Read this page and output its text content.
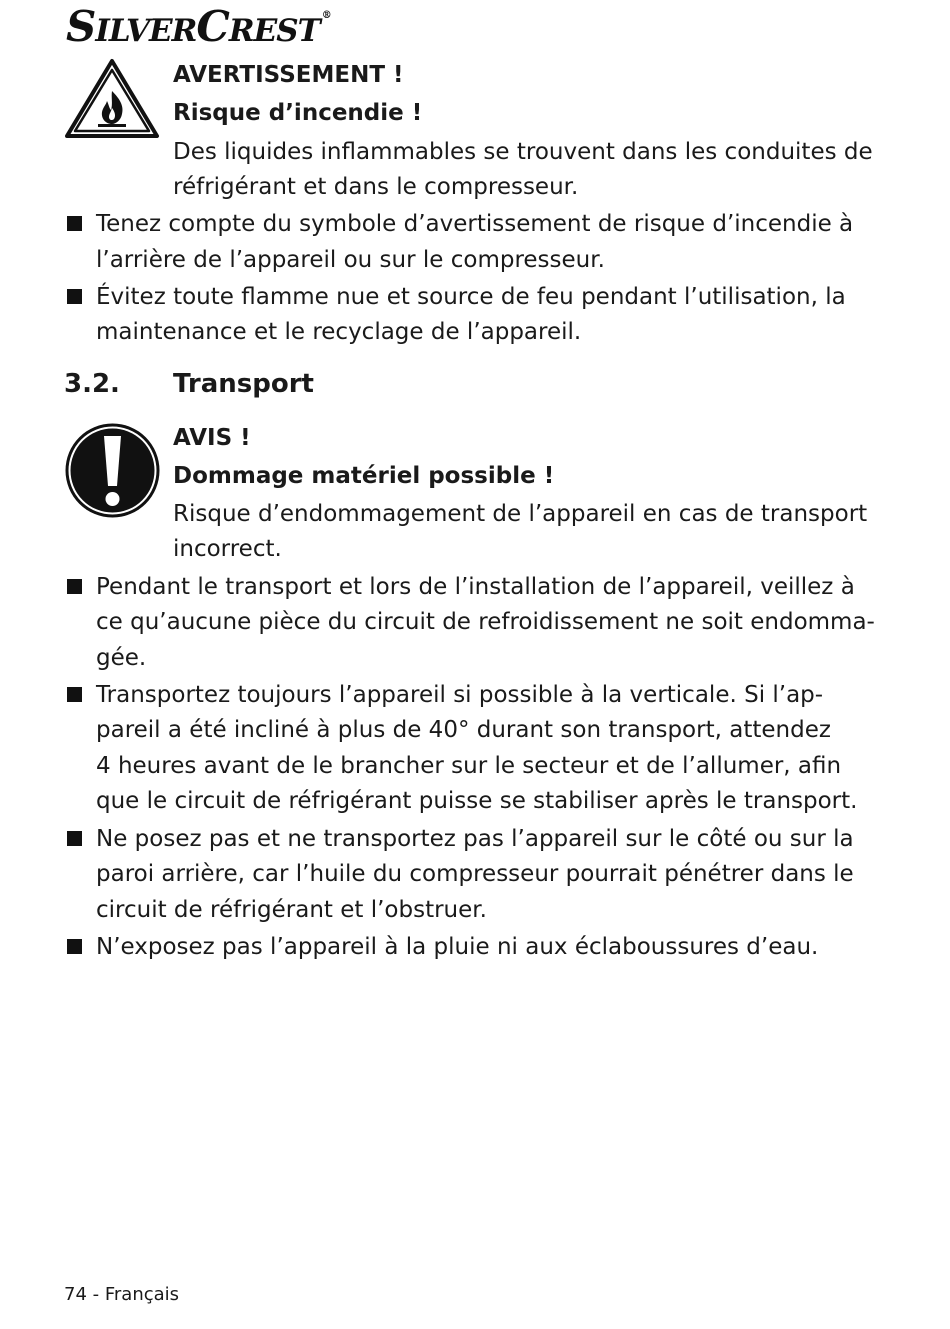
SILVERCREST ®
AVERTISSEMENT !
Risque d’incendie !
Des liquides inflammables se trouvent dans les conduites de
réfrigérant et dans le compresseur.
Tenez compte du symbole d’avertissement de risque d’incendie à
l’arrière de l’appareil ou sur le compresseur.
Évitez toute flamme nue et source de feu pendant l’utilisation, la
maintenance et le recyclage de l’appareil.
3.2. Transport
AVIS !
Dommage matériel possible !
Risque d’endommagement de l’appareil en cas de transport
incorrect.
Pendant le transport et lors de l’installation de l’appareil, veillez à
ce qu’aucune pièce du circuit de refroidissement ne soit endomma-
gée.
Transportez toujours l’appareil si possible à la verticale. Si l’ap-
pareil a été incliné à plus de 40° durant son transport, attendez
4 heures avant de le brancher sur le secteur et de l’allumer, afin
que le circuit de réfrigérant puisse se stabiliser après le transport.
Ne posez pas et ne transportez pas l’appareil sur le côté ou sur la
paroi arrière, car l’huile du compresseur pourrait pénétrer dans le
circuit de réfrigérant et l’obstruer.
N’exposez pas l’appareil à la pluie ni aux éclaboussures d’eau.
74 - Français
